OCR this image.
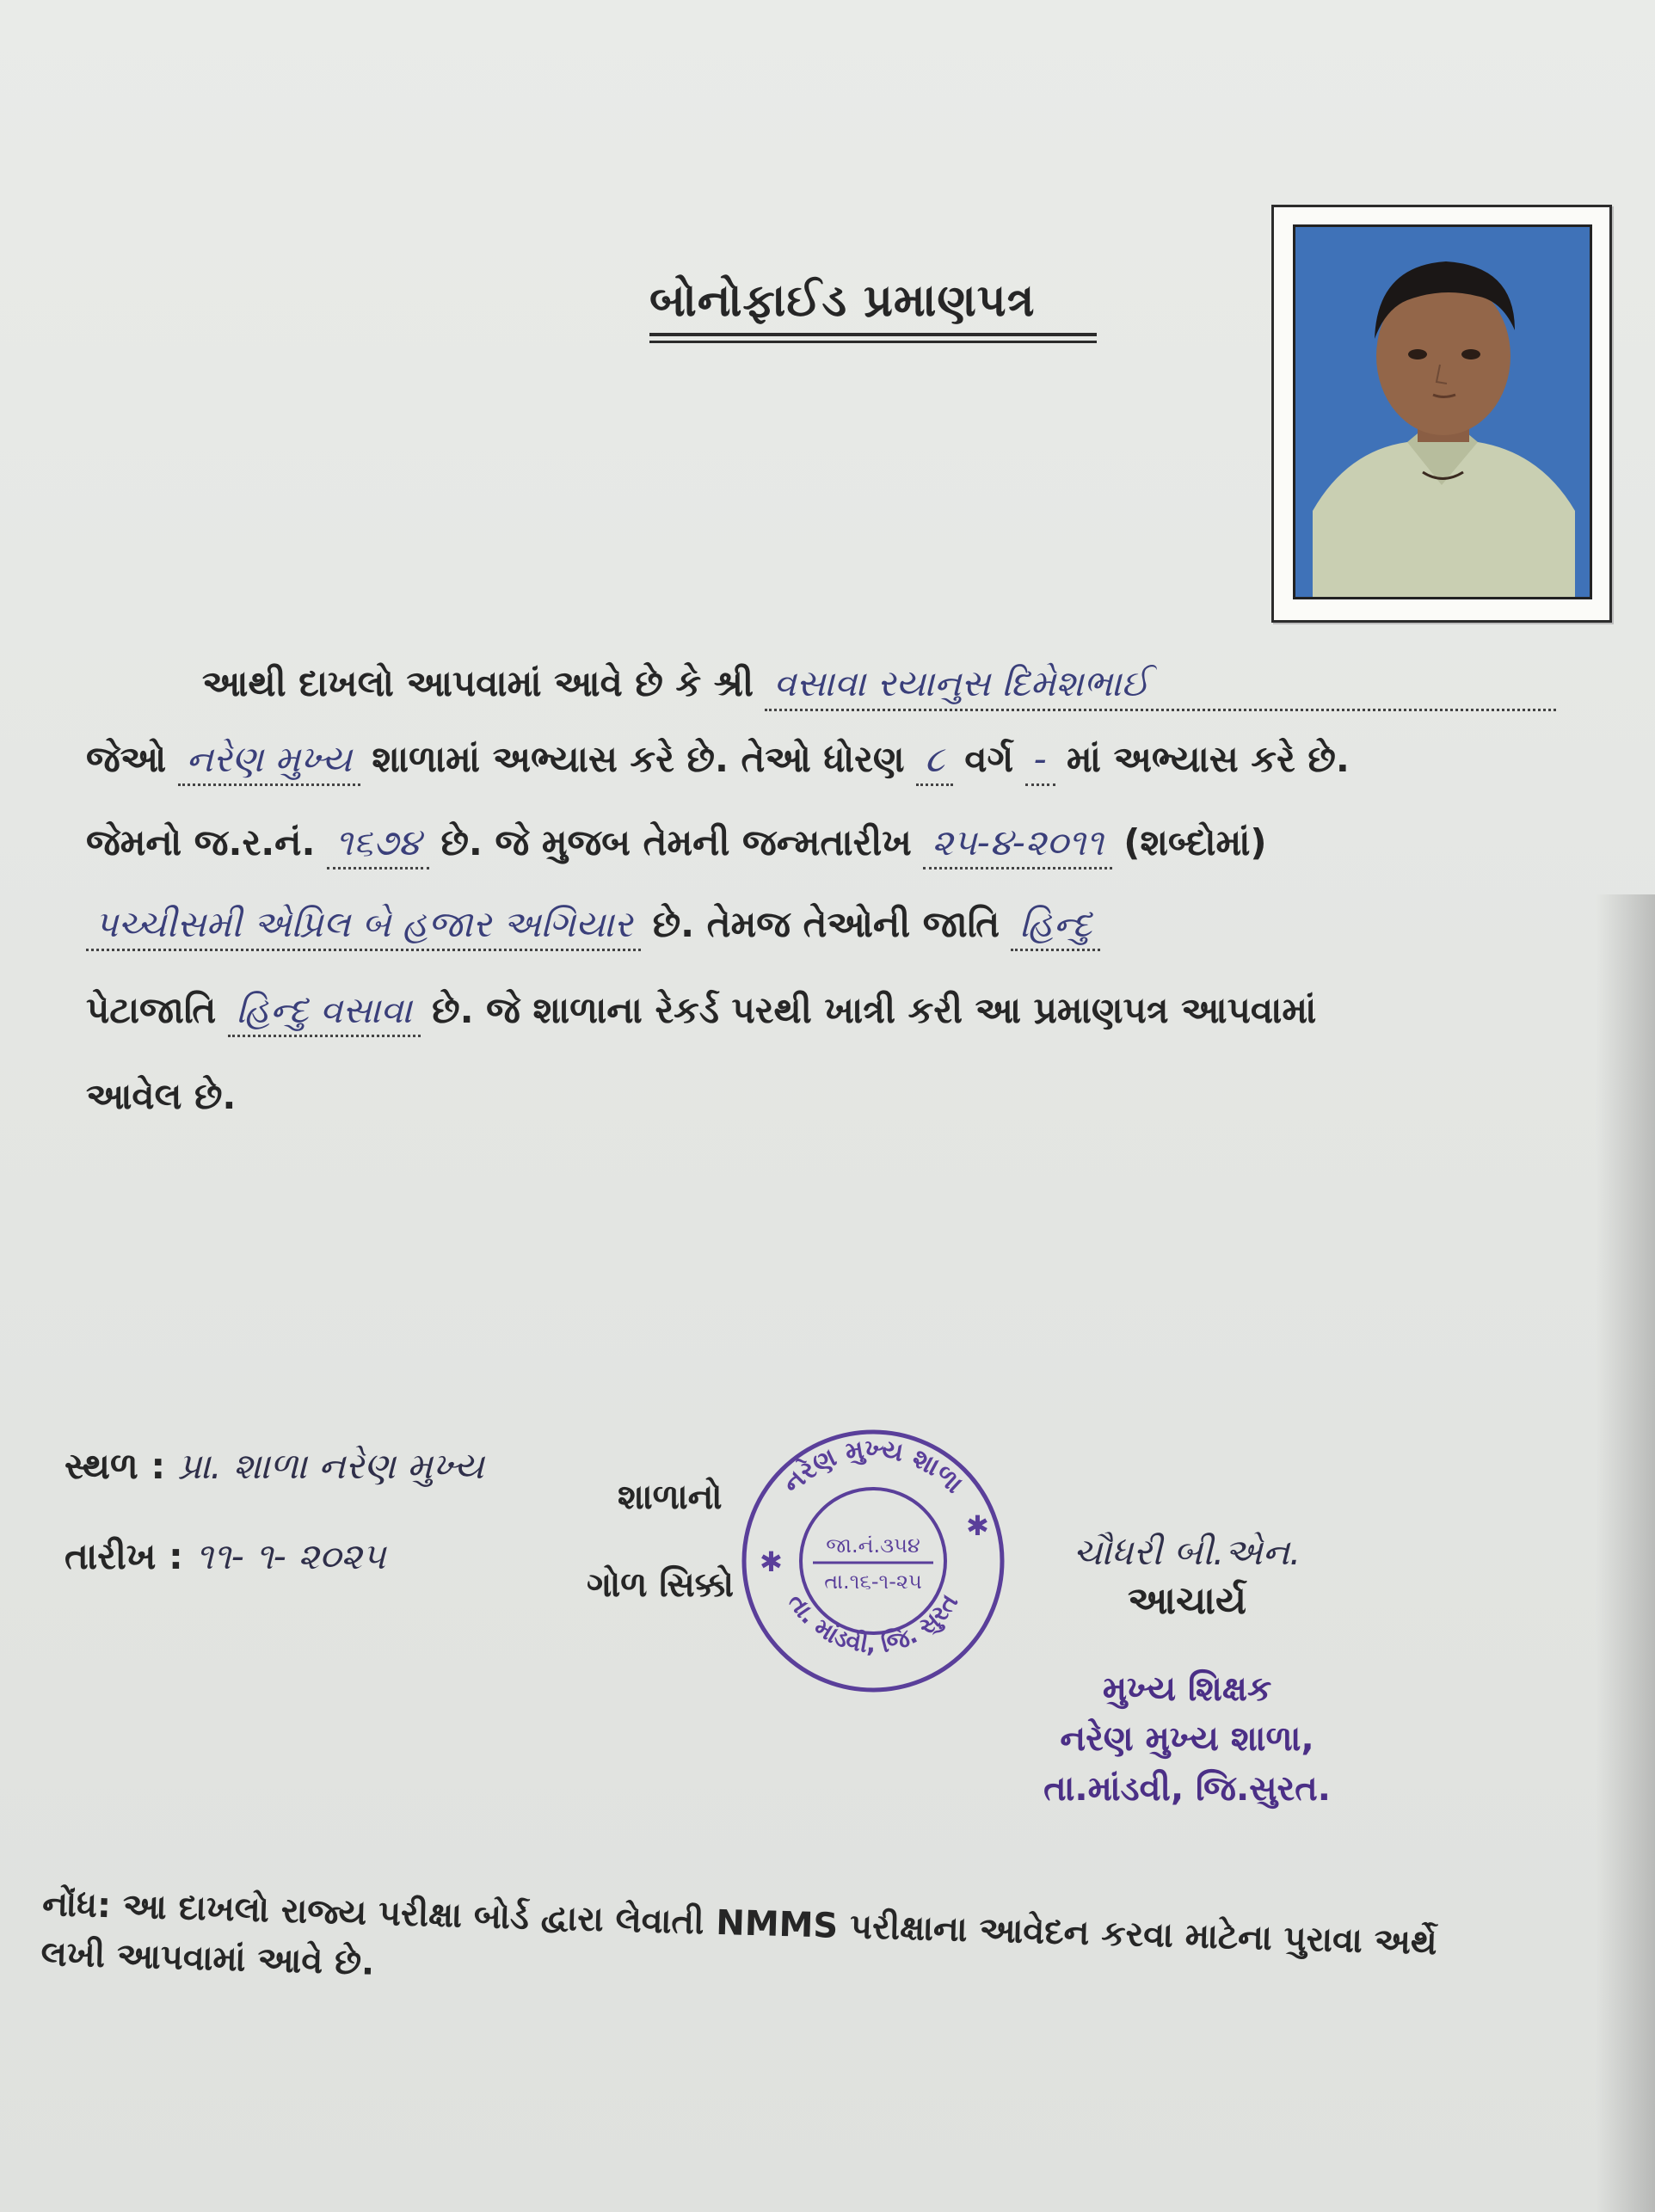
બોનોફાઈડ પ્રમાણપત્ર
આથી દાખલો આપવામાં આવે છે કે શ્રી વસાવા રયાનુસ દિમેશભાઈ
જેઓ નરેણ મુખ્ય શાળામાં અભ્યાસ કરે છે. તેઓ ધોરણ ૮ વર્ગ - માં અભ્યાસ કરે છે.
જેમનો જ.ર.નં. ૧૬૭૪ છે. જે મુજબ તેમની જન્મતારીખ ૨૫-૪-૨૦૧૧ (શબ્દોમાં)
પચ્ચીસમી એપ્રિલ બે હજાર અગિયાર છે. તેમજ તેઓની જાતિ હિન્દુ
પેટાજાતિ હિન્દુ વસાવા છે. જે શાળાના રેકર્ડ પરથી ખાત્રી કરી આ પ્રમાણપત્ર આપવામાં
આવેલ છે.
સ્થળ : પ્રા. શાળા નરેણ મુખ્ય
તારીખ : ૧૧- ૧- ૨૦૨૫
શાળાનો
ગોળ સિક્કો
નરેણ મુખ્ય શાળા
તા. માંડવી, જિ. સુરત
જા.નં.૩૫૪
તા.૧૬-૧-૨૫
✱
✱
ચૌધરી બી.એન.
આચાર્ય
મુખ્ય શિક્ષક
નરેણ મુખ્ય શાળા,
તા.માંડવી, જિ.સુરત.
નોંધ: આ દાખલો રાજ્ય પરીક્ષા બોર્ડ દ્વારા લેવાતી NMMS પરીક્ષાના આવેદન કરવા માટેના પુરાવા અર્થે લખી આપવામાં આવે છે.
